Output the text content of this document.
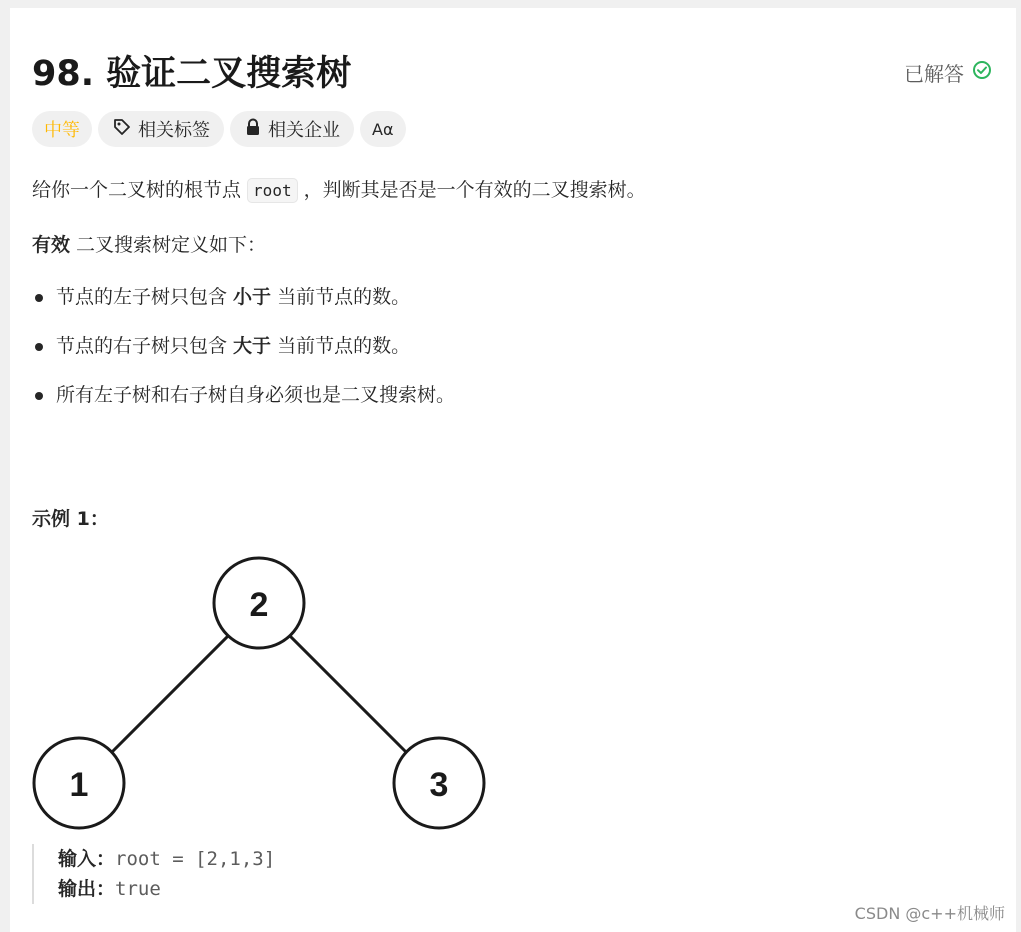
98. 验证二叉搜索树	已解答
中等	相关标签	相关企业	Aα
给你一个二叉树的根节点 root ，判断其是否是一个有效的二叉搜索树。
有效 二叉搜索树定义如下：
节点的左子树只包含 小于 当前节点的数。
节点的右子树只包含 大于 当前节点的数。
所有左子树和右子树自身必须也是二叉搜索树。
示例 1：
2
1	3
输入：root = [2,1,3]
输出：true
CSDN @c++机械师
